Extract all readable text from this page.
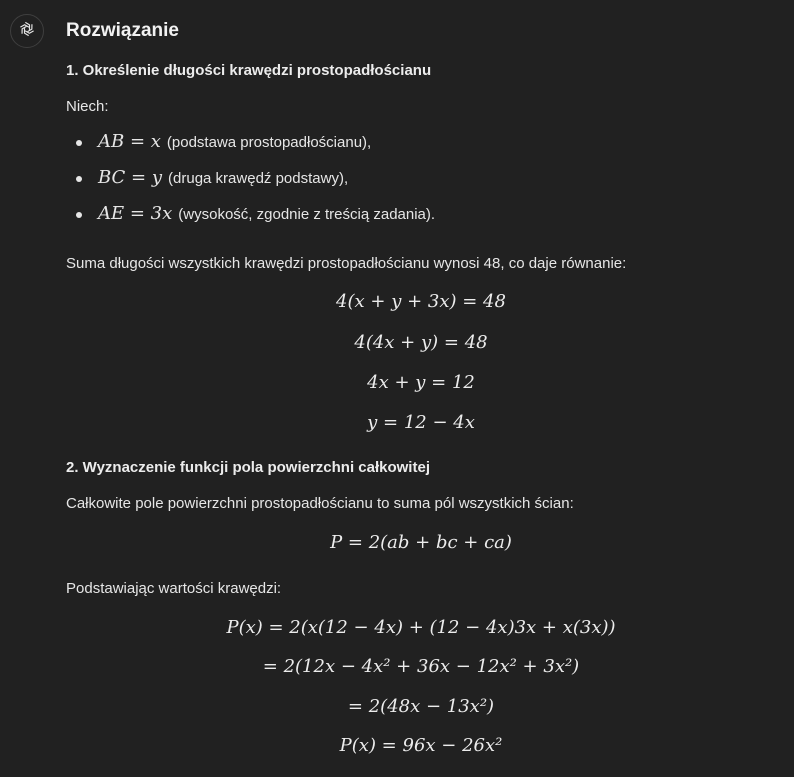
Rozwiązanie
1. Określenie długości krawędzi prostopadłościanu
Niech:
AB = x (podstawa prostopadłościanu),
BC = y (druga krawędź podstawy),
AE = 3x (wysokość, zgodnie z treścią zadania).
Suma długości wszystkich krawędzi prostopadłościanu wynosi 48, co daje równanie:
4(x + y + 3x) = 48
4(4x + y) = 48
4x + y = 12
y = 12 − 4x
2. Wyznaczenie funkcji pola powierzchni całkowitej
Całkowite pole powierzchni prostopadłościanu to suma pól wszystkich ścian:
P = 2(ab + bc + ca)
Podstawiając wartości krawędzi:
P(x) = 2(x(12 − 4x) + (12 − 4x)3x + x(3x))
= 2(12x − 4x² + 36x − 12x² + 3x²)
= 2(48x − 13x²)
P(x) = 96x − 26x²
